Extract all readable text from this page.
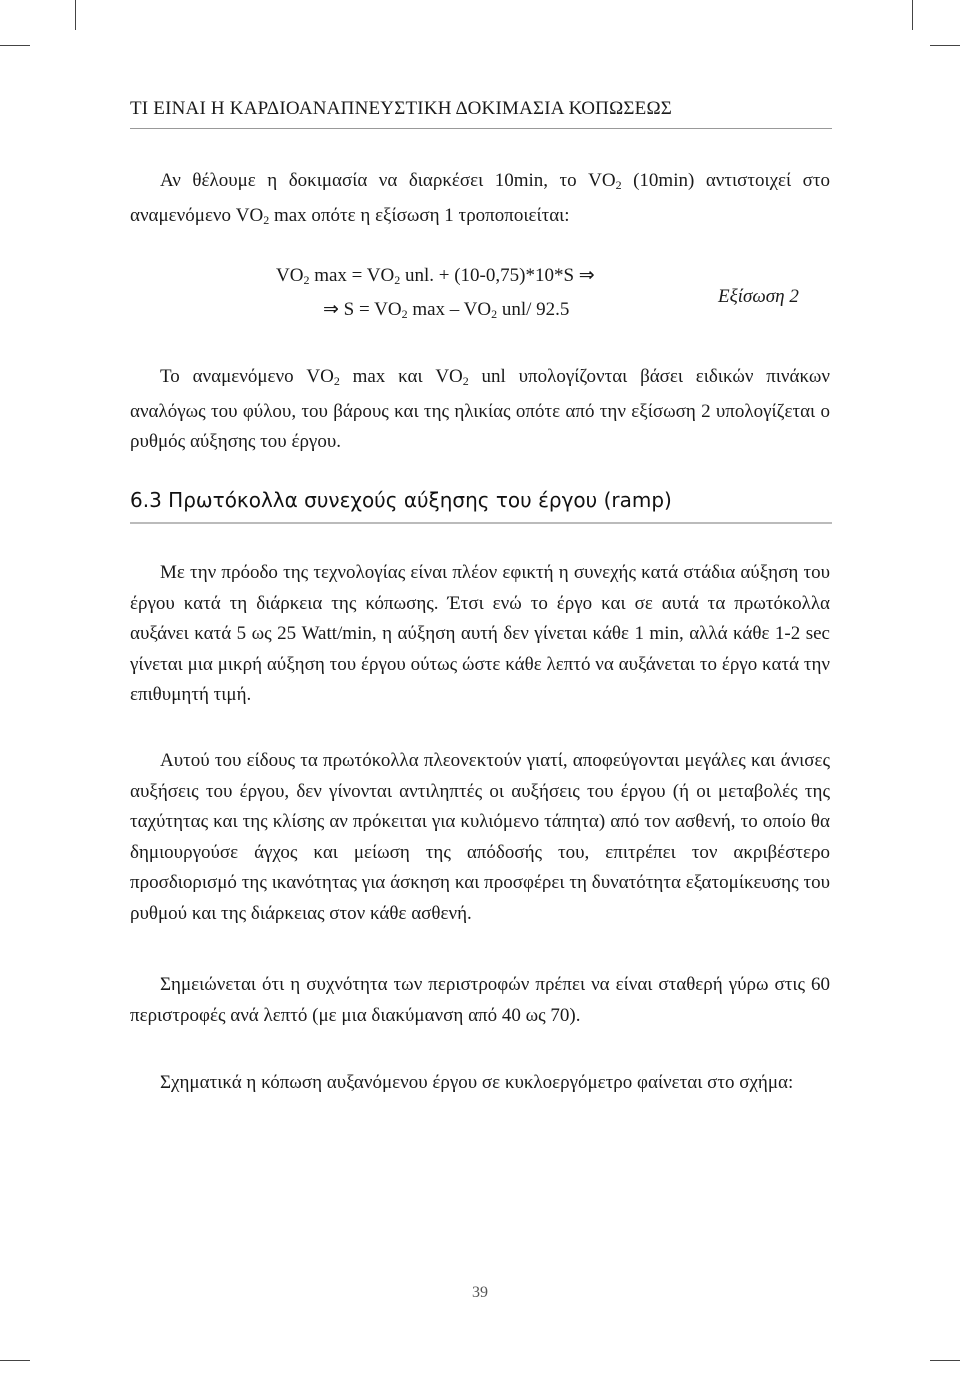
ΤΙ ΕΙΝΑΙ Η ΚΑΡΔΙΟΑΝΑΠΝΕΥΣΤΙΚΗ ΔΟΚΙΜΑΣΙΑ ΚΟΠΩΣΕΩΣ
Αν θέλουμε η δοκιμασία να διαρκέσει 10min, το $VO_2$ (10min) αντιστοιχεί στο αναμενόμενο $VO_2$ max οπότε η εξίσωση 1 τροποποιείται:
$VO_2$ $\max = VO_2$ unl. + (10-0,75)*10*S ⇒
⇒ $S = VO_2$ max – $VO_2$ unl/ 92.5
Εξίσωση 2
Το αναμενόμενο $VO_2$ max και $VO_2$ unl υπολογίζονται βάσει ειδικών πινάκων αναλόγως του φύλου, του βάρους και της ηλικίας οπότε από την εξίσωση 2 υπολογίζεται ο ρυθμός αύξησης του έργου.
6.3 Πρωτόκολλα συνεχούς αύξησης του έργου (ramp)
Με την πρόοδο της τεχνολογίας είναι πλέον εφικτή η συνεχής κατά στάδια αύξηση του έργου κατά τη διάρκεια της κόπωσης. Έτσι ενώ το έργο και σε αυτά τα πρωτόκολλα αυξάνει κατά 5 ως 25 Watt/min, η αύξηση αυτή δεν γίνεται κάθε 1 min, αλλά κάθε 1-2 sec γίνεται μια μικρή αύξηση του έργου ούτως ώστε κάθε λεπτό να αυξάνεται το έργο κατά την επιθυμητή τιμή.
Αυτού του είδους τα πρωτόκολλα πλεονεκτούν γιατί, αποφεύγονται μεγάλες και άνισες αυξήσεις του έργου, δεν γίνονται αντιληπτές οι αυξήσεις του έργου (ή οι μεταβολές της ταχύτητας και της κλίσης αν πρόκειται για κυλιόμενο τάπητα) από τον ασθενή, το οποίο θα δημιουργούσε άγχος και μείωση της απόδοσής του, επιτρέπει τον ακριβέστερο προσδιορισμό της ικανότητας για άσκηση και προσφέρει τη δυνατότητα εξατομίκευσης του ρυθμού και της διάρκειας στον κάθε ασθενή.
Σημειώνεται ότι η συχνότητα των περιστροφών πρέπει να είναι σταθερή γύρω στις 60 περιστροφές ανά λεπτό (με μια διακύμανση από 40 ως 70).
Σχηματικά η κόπωση αυξανόμενου έργου σε κυκλοεργόμετρο φαίνεται στο σχήμα:
39
